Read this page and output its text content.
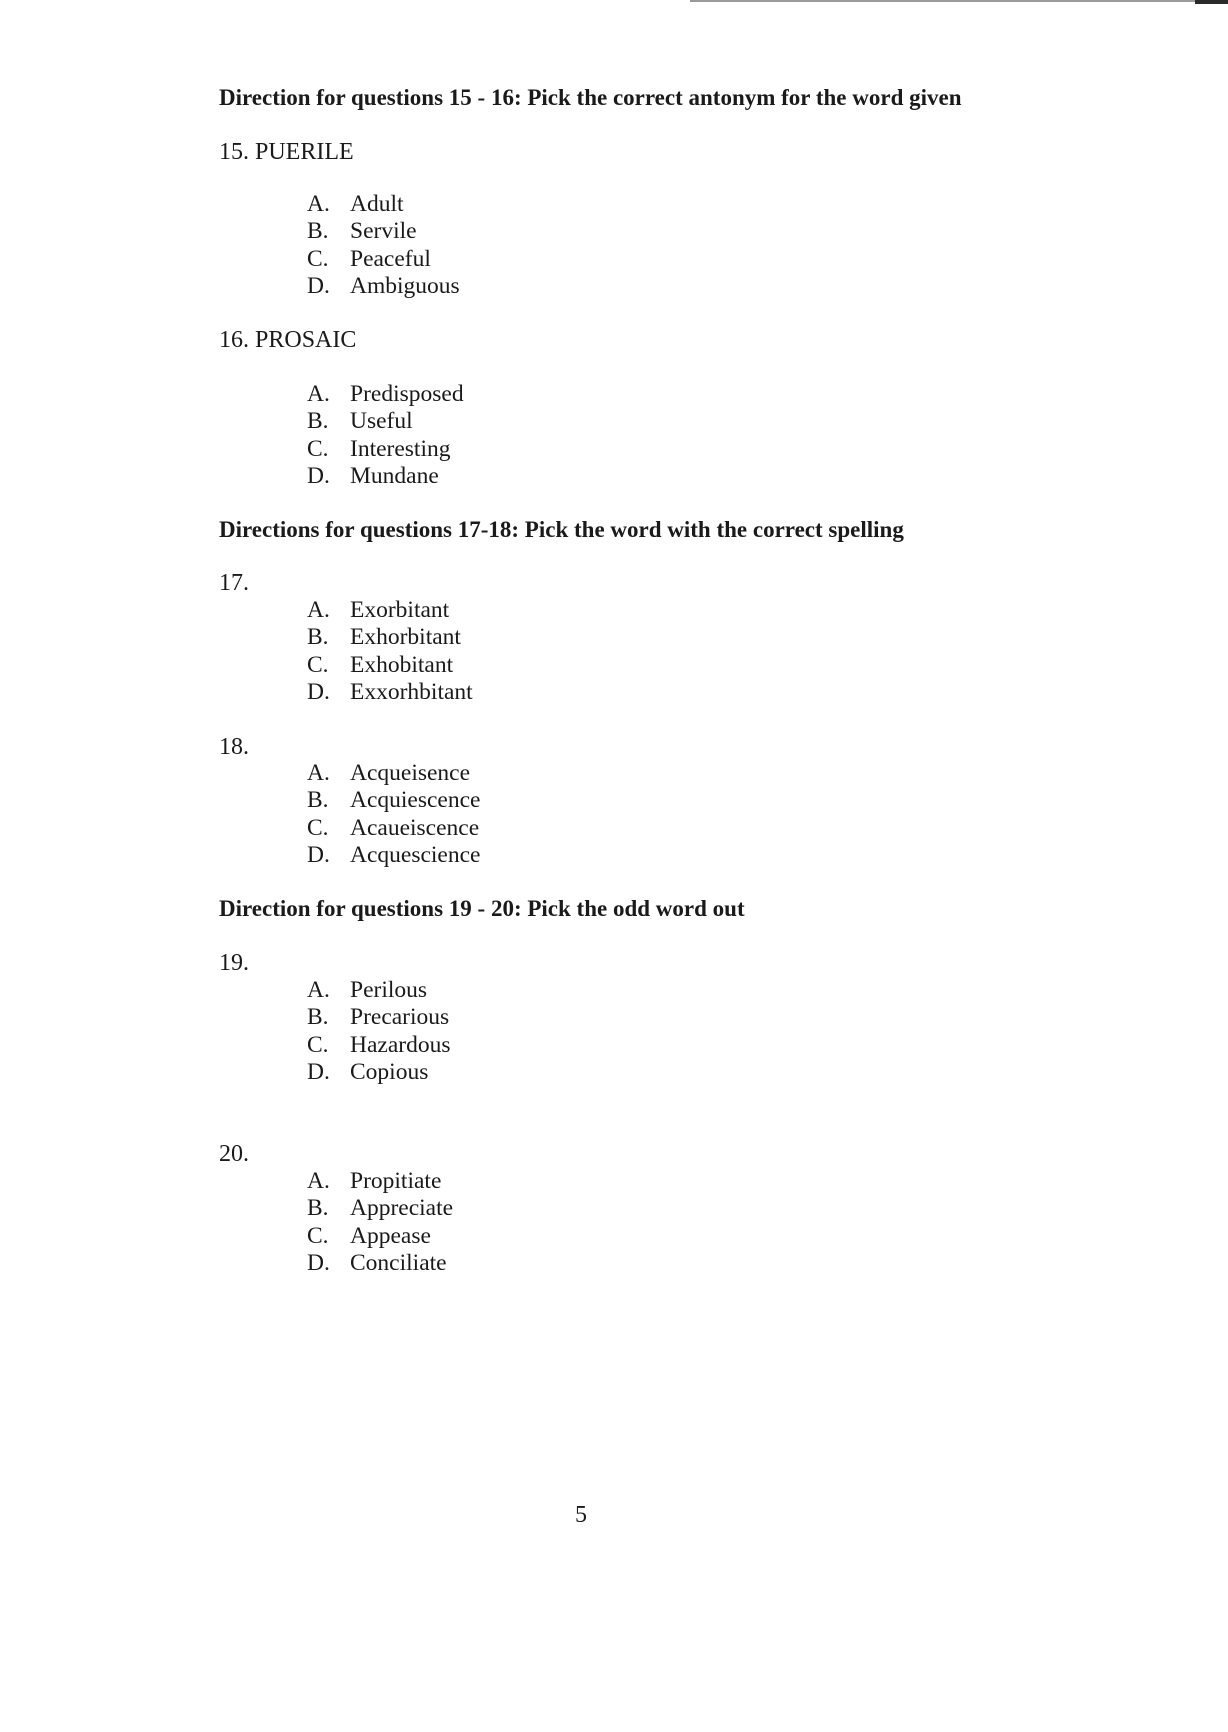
Direction for questions 15 - 16: Pick the correct antonym for the word given
15. PUERILE
A. Adult
B. Servile
C. Peaceful
D. Ambiguous
16. PROSAIC
A. Predisposed
B. Useful
C. Interesting
D. Mundane
Directions for questions 17-18: Pick the word with the correct spelling
17.
A. Exorbitant
B. Exhorbitant
C. Exhobitant
D. Exxorhbitant
18.
A. Acqueisence
B. Acquiescence
C. Acaueiscence
D. Acquescience
Direction for questions 19 - 20: Pick the odd word out
19.
A. Perilous
B. Precarious
C. Hazardous
D. Copious
20.
A. Propitiate
B. Appreciate
C. Appease
D. Conciliate
5
